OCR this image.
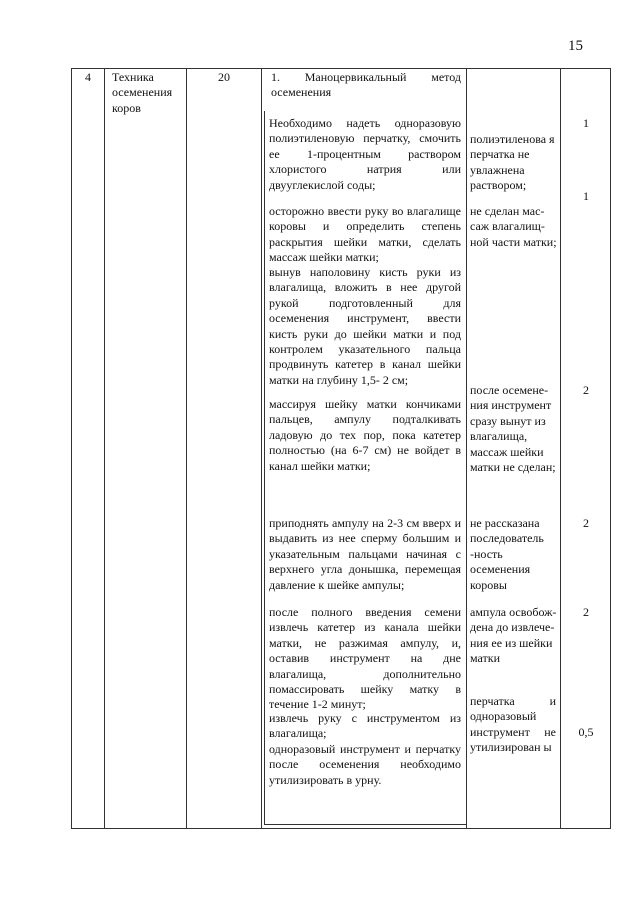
15
4	Техника осеменения коров
20	1. Маноцервикальный метод осеменения
Необходимо надеть одноразовую полиэтиленовую перчатку, смочить ее 1-процентным раствором хлористого натрия или двууглекислой соды;
осторожно ввести руку во влагалище коровы и определить степень раскрытия шейки матки, сделать массаж шейки матки;
вынув наполовину кисть руки из влагалища, вложить в нее другой рукой подготовленный для осеменения инструмент, ввести кисть руки до шейки матки и под контролем указательного пальца продвинуть катетер в канал шейки матки на глубину 1,5- 2 см;
массируя шейку матки кончиками пальцев, ампулу подталкивать ладовую до тех пор, пока катетер полностью (на 6-7 см) не войдет в канал шейки матки;
приподнять ампулу на 2-3 см вверх и выдавить из нее сперму большим и указательным пальцами начиная с верхнего угла донышка, перемещая давление к шейке ампулы;
после полного введения семени извлечь катетер из канала шейки матки, не разжимая ампулу, и, оставив инструмент на дне влагалища, дополнительно помассировать шейку матку в течение 1-2 минут;
извлечь руку с инструментом из влагалища;
одноразовый инструмент и перчатку после осеменения необходимо утилизировать в урну.
полиэтиленова я перчатка не увлажнена раствором;
не сделан мас-саж влагалищ-ной части матки;
после осемене-ния инструмент сразу вынут из влагалища, массаж шейки матки не сделан;
не рассказана последователь -ность осеменения коровы
ампула освобож-дена до извлече-ния ее из шейки матки
перчатка и одноразовый инструмент не утилизирован ы
1
1
2
2
2
0,5
